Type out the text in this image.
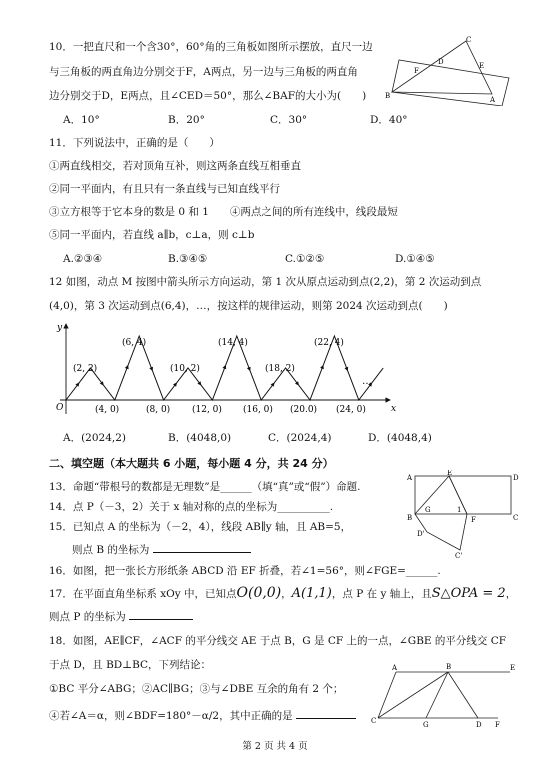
10．一把直尺和一个含30°，60°角的三角板如图所示摆放，直尺一边
与三角板的两直角边分别交于F，A两点，另一边与三角板的两直角
边分别交于D，E两点，且∠CED＝50°，那么∠BAF的大小为(　　)
A．10°	B．20°	C．30°	D．40°
C
F
D	E
B	A
11．下列说法中，正确的是（　　）
①两直线相交，若对顶角互补，则这两条直线互相垂直
②同一平面内，有且只有一条直线与已知直线平行
③立方根等于它本身的数是 0 和 1　　④两点之间的所有连线中，线段最短
⑤同一平面内，若直线 a∥b，c⊥a，则 c⊥b
A.②③④	B.③④⑤	C.①②⑤	D.①④⑤
12 如图，动点 M 按图中箭头所示方向运动，第 1 次从原点运动到点(2,2)，第 2 次运动到点
(4,0)，第 3 次运动到点(6,4)，…，按这样的规律运动，则第 2024 次运动到点(　　)
y
x
O
(6, 4)	(14, 4)	(22, 4)
(2, 2)	(10, 2)	(18, 2)
(4, 0)	(8, 0) (12, 0) (16, 0) (20.0) (24, 0)
…
A．(2024,2)	B．(4048,0)	C．(2024,4)	D．(4048,4)
二、填空题（本大题共 6 小题，每小题 4 分，共 24 分）
13．命题“带根号的数都是无理数”是______（填“真”或“假”）命题.
14．点 P（－3，2）关于 x 轴对称的点的坐标为__________.
15．已知点 A 的坐标为（－2，4），线段 AB∥y 轴，且 AB=5，
则点 B 的坐标为
16．如图，把一张长方形纸条 ABCD 沿 EF 折叠，若∠1=56°，则∠FGE=______.
A
E
D
B
G	1
F	C
D'
C'
17．在平面直角坐标系 xOy 中，已知点O(0,0)，A(1,1)，点 P 在 y 轴上，且S△OPA = 2，
则点 P 的坐标为
18．如图，AE∥CF，∠ACF 的平分线交 AE 于点 B，G 是 CF 上的一点，∠GBE 的平分线交 CF
于点 D，且 BD⊥BC，下列结论：
①BC 平分∠ABG；②AC∥BG；③与∠DBE 互余的角有 2 个；
④若∠A＝α，则∠BDF=180°－α/2，其中正确的是
A	B	E
C	G	D F
第 2 页 共 4 页
